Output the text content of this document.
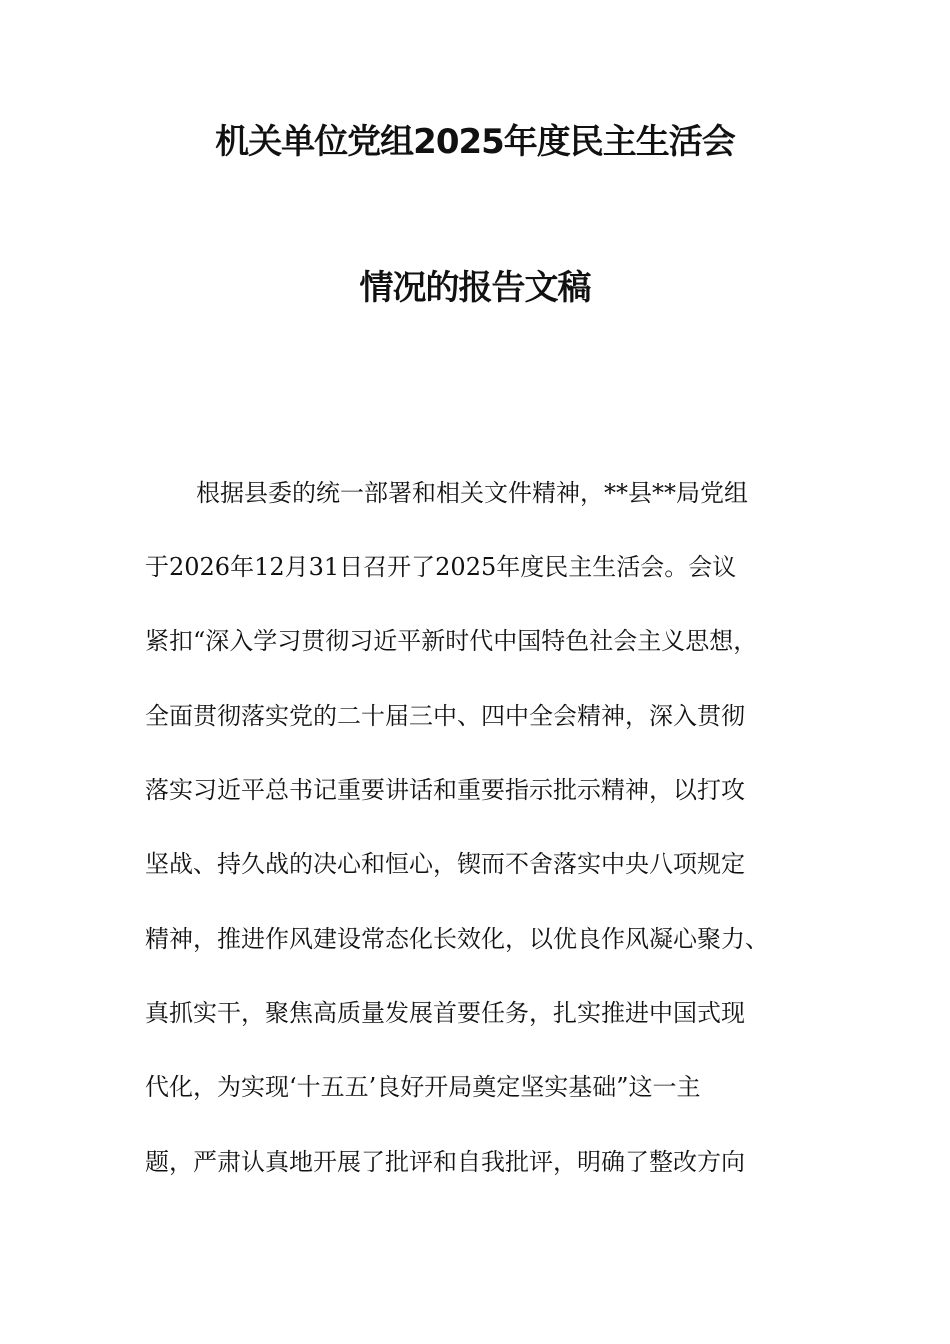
机关单位党组2025年度民主生活会
情况的报告文稿
根据县委的统一部署和相关文件精神，**县**局党组
于2026年12月31日召开了2025年度民主生活会。会议
紧扣“深入学习贯彻习近平新时代中国特色社会主义思想，
全面贯彻落实党的二十届三中、四中全会精神，深入贯彻
落实习近平总书记重要讲话和重要指示批示精神，以打攻
坚战、持久战的决心和恒心，锲而不舍落实中央八项规定
精神，推进作风建设常态化长效化，以优良作风凝心聚力、
真抓实干，聚焦高质量发展首要任务，扎实推进中国式现
代化，为实现‘十五五’良好开局奠定坚实基础”这一主
题，严肃认真地开展了批评和自我批评，明确了整改方向
